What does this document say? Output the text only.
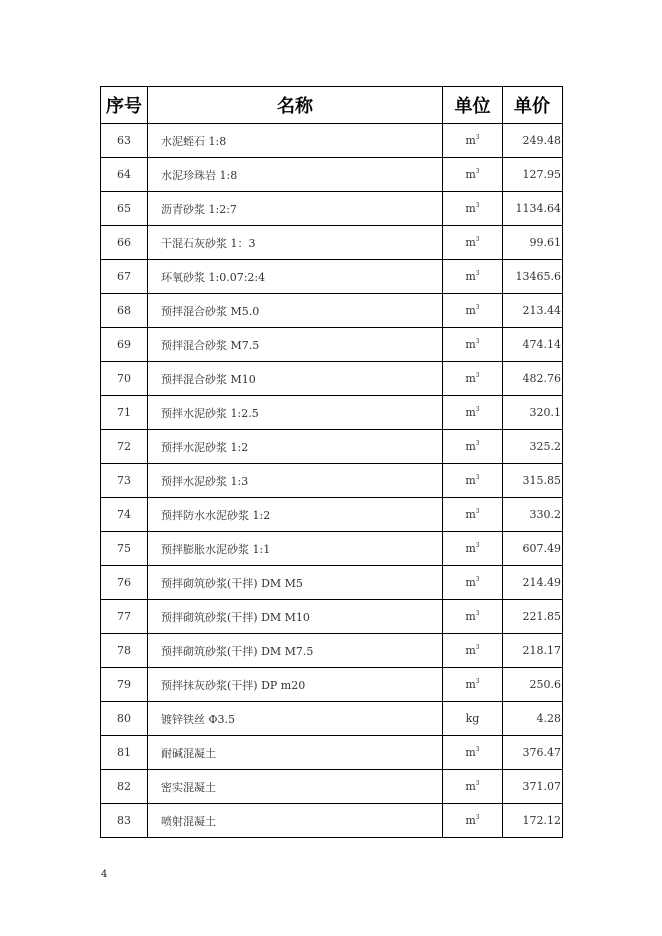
序号	名称	单位	单价
63	水泥蛭石 1:8	$m^3$	249.48
64	水泥珍珠岩 1:8	$m^3$	127.95
65	沥青砂浆 1:2:7	$m^3$	1134.64
66	干混石灰砂浆 1：3	$m^3$	99.61
67	环氧砂浆 1:0.07:2:4	$m^3$	13465.6
68	预拌混合砂浆 M5.0	$m^3$	213.44
69	预拌混合砂浆 M7.5	$m^3$	474.14
70	预拌混合砂浆 M10	$m^3$	482.76
71	预拌水泥砂浆 1:2.5	$m^3$	320.1
72	预拌水泥砂浆 1:2	$m^3$	325.2
73	预拌水泥砂浆 1:3	$m^3$	315.85
74	预拌防水水泥砂浆 1:2	$m^3$	330.2
75	预拌膨胀水泥砂浆 1:1	$m^3$	607.49
76	预拌砌筑砂浆(干拌) DM M5	$m^3$	214.49
77	预拌砌筑砂浆(干拌) DM M10	$m^3$	221.85
78	预拌砌筑砂浆(干拌) DM M7.5	$m^3$	218.17
79	预拌抹灰砂浆(干拌) DP m20	$m^3$	250.6
80	镀锌铁丝 Φ3.5	kg	4.28
81	耐碱混凝土	$m^3$	376.47
82	密实混凝土	$m^3$	371.07
83	喷射混凝土	$m^3$	172.12
4
